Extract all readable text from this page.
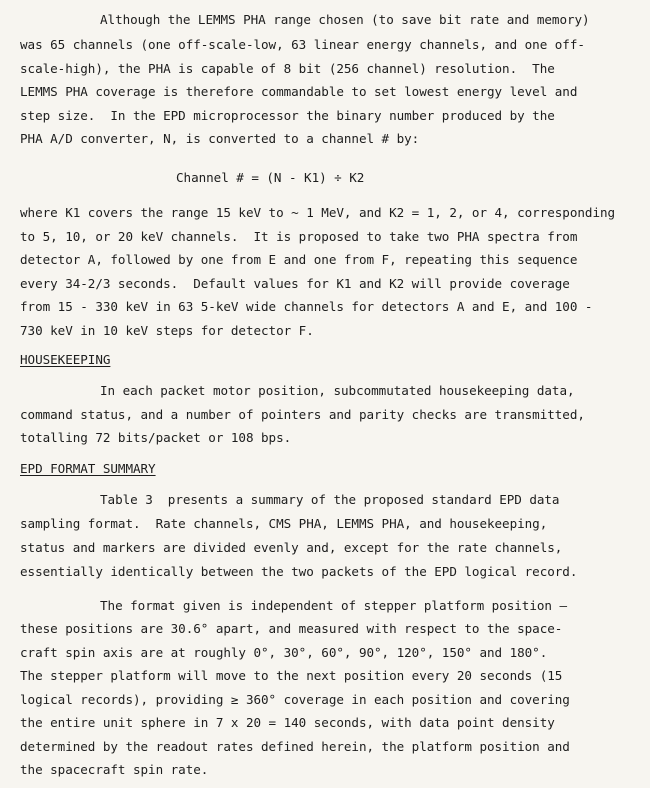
Although the LEMMS PHA range chosen (to save bit rate and memory)
was 65 channels (one off-scale-low, 63 linear energy channels, and one off-
scale-high), the PHA is capable of 8 bit (256 channel) resolution.  The
LEMMS PHA coverage is therefore commandable to set lowest energy level and
step size.  In the EPD microprocessor the binary number produced by the
PHA A/D converter, N, is converted to a channel # by:
Channel # = (N - K1) ÷ K2
where K1 covers the range 15 keV to ~ 1 MeV, and K2 = 1, 2, or 4, corresponding
to 5, 10, or 20 keV channels.  It is proposed to take two PHA spectra from
detector A, followed by one from E and one from F, repeating this sequence
every 34-2/3 seconds.  Default values for K1 and K2 will provide coverage
from 15 - 330 keV in 63 5-keV wide channels for detectors A and E, and 100 -
730 keV in 10 keV steps for detector F.
HOUSEKEEPING
In each packet motor position, subcommutated housekeeping data,
command status, and a number of pointers and parity checks are transmitted,
totalling 72 bits/packet or 108 bps.
EPD FORMAT SUMMARY
Table 3  presents a summary of the proposed standard EPD data
sampling format.  Rate channels, CMS PHA, LEMMS PHA, and housekeeping,
status and markers are divided evenly and, except for the rate channels,
essentially identically between the two packets of the EPD logical record.
The format given is independent of stepper platform position —
these positions are 30.6° apart, and measured with respect to the space-
craft spin axis are at roughly 0°, 30°, 60°, 90°, 120°, 150° and 180°.
The stepper platform will move to the next position every 20 seconds (15
logical records), providing ≥ 360° coverage in each position and covering
the entire unit sphere in 7 x 20 = 140 seconds, with data point density
determined by the readout rates defined herein, the platform position and
the spacecraft spin rate.
